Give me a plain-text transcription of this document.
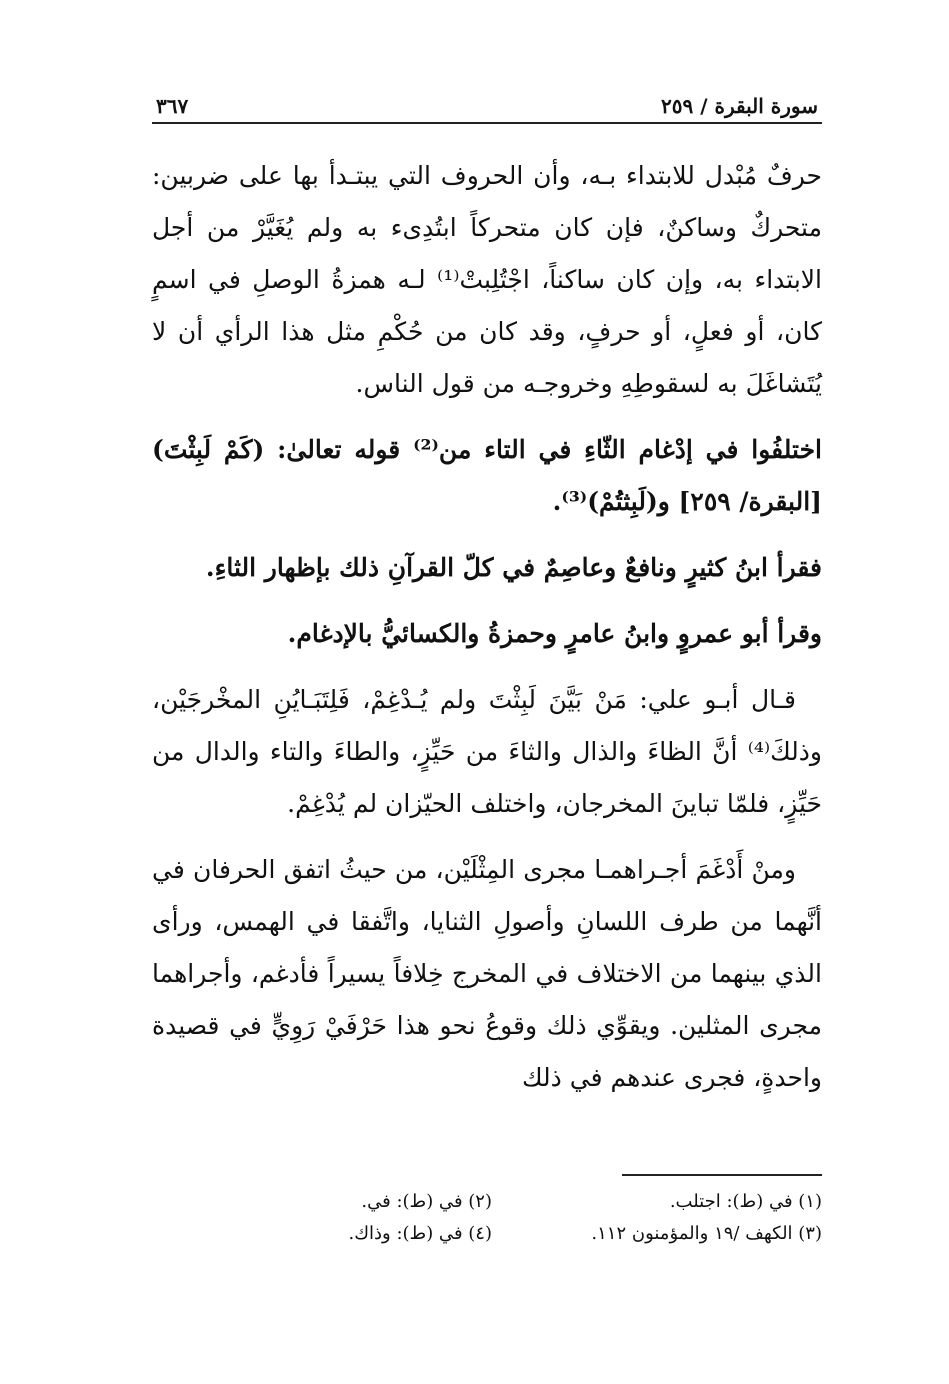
سورة البقرة / ٢٥٩
٣٦٧

حرفٌ مُبْدل للابتداء بـه، وأن الحروف التي يبتـدأ بها على ضربين: متحركٌ وساكنٌ، فإن كان متحركاً ابتُدِىء به ولم يُغَيَّرْ من أجل الابتداء به، وإن كان ساكناً، اجْتُلِبتْ⁽¹⁾ لـه همزةُ الوصلِ في اسمٍ كان، أو فعلٍ، أو حرفٍ، وقد كان من حُكْمِ مثل هذا الرأي أن لا يُتَشاغَلَ به لسقوطِهِ وخروجـه من قول الناس.

اختلفُوا في إدْغام الثّاءِ في التاء من⁽²⁾ قوله تعالىٰ: (كَمْ لَبِثْتَ) [البقرة/ ٢٥٩] و(لَبِثتُمْ)⁽³⁾.

فقرأ ابنُ كثيرٍ ونافعٌ وعاصِمٌ في كلّ القرآنِ ذلك بإظهار الثاءِ.

وقرأ أبو عمروٍ وابنُ عامرٍ وحمزةُ والكسائيُّ بالإدغام.

قـال أبـو علي: مَنْ بَيَّنَ لَبِثْتَ ولم يُـدْغِمْ، فَلِتَبَـايُنِ المخْرجَيْن، وذلكَ⁽⁴⁾ أنَّ الظاءَ والذال والثاءَ من حَيِّزٍ، والطاءَ والتاء والدال من حَيِّزٍ، فلمّا تباينَ المخرجان، واختلف الحيّزان لم يُدْغِمْ.

ومنْ أَدْغَمَ أجـراهمـا مجرى المِثْلَيْن، من حيثُ اتفق الحرفان في أنَّهما من طرف اللسانِ وأصولِ الثنايا، واتَّفقا في الهمس، ورأى الذي بينهما من الاختلاف في المخرج خِلافاً يسيراً فأدغم، وأجراهما مجرى المثلين. ويقوِّي ذلك وقوعُ نحو هذا حَرْفَيْ رَوِيٍّ في قصيدة واحدةٍ، فجرى عندهم في ذلك

(١) في (ط): اجتلب.
(٢) في (ط): في.
(٣) الكهف /١٩ والمؤمنون ١١٢.
(٤) في (ط): وذاك.
